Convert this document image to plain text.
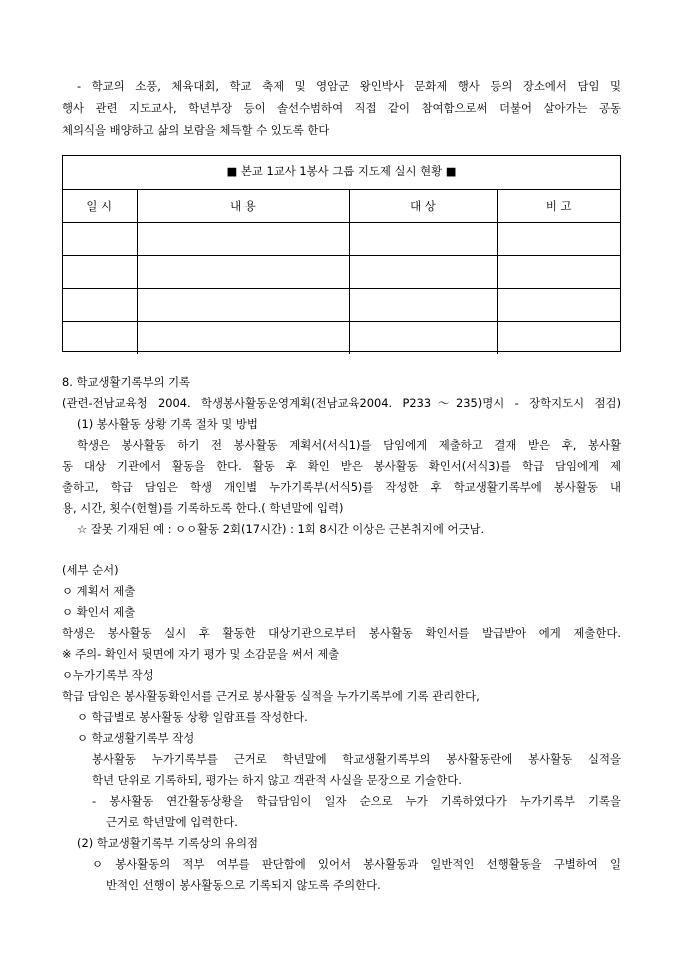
- 학교의 소풍, 체육대회, 학교 축제 및 영암군 왕인박사 문화제 행사 등의 장소에서 담임 및
행사 관련 지도교사, 학년부장 등이 솔선수범하여 직접 같이 참여함으로써 더불어 살아가는 공동
체의식을 배양하고 삶의 보람을 체득할 수 있도록 한다
■ 본교 1교사 1봉사 그룹 지도제 실시 현황 ■
일 시	내 용	대 상	비 고

8. 학교생활기록부의 기록
(관련-전남교육청 2004. 학생봉사활동운영계획(전남교육2004. P233～235)명시 - 장학지도시 점검)
(1) 봉사활동 상황 기록 절차 및 방법
학생은 봉사활동 하기 전 봉사활동 계획서(서식1)를 담임에게 제출하고 결재 받은 후, 봉사활
동 대상 기관에서 활동을 한다. 활동 후 확인 받은 봉사활동 확인서(서식3)를 학급 담임에게 제
출하고, 학급 담임은 학생 개인별 누가기록부(서식5)를 작성한 후 학교생활기록부에 봉사활동 내
용, 시간, 횟수(헌혈)를 기록하도록 한다.( 학년말에 입력)
☆ 잘못 기재된 예 : ㅇㅇ활동 2회(17시간) : 1회 8시간 이상은 근본취지에 어긋남.
(세부 순서)
ㅇ 계획서 제출
ㅇ 확인서 제출
학생은 봉사활동 실시 후 활동한 대상기관으로부터 봉사활동 확인서를 발급받아 에게 제출한다.
※ 주의- 확인서 뒷면에 자기 평가 및 소감문을 써서 제출
ㅇ누가기록부 작성
학급 담임은 봉사활동확인서를 근거로 봉사활동 실적을 누가기록부에 기록 관리한다,
ㅇ 학급별로 봉사활동 상황 일람표를 작성한다.
ㅇ 학교생활기록부 작성
봉사활동 누가기록부를 근거로 학년말에 학교생활기록부의 봉사활동란에 봉사활동 실적을
학년 단위로 기록하되, 평가는 하지 않고 객관적 사실을 문장으로 기술한다.
- 봉사활동 연간활동상황을 학급담임이 일자 순으로 누가 기록하였다가 누가기록부 기록을
근거로 학년말에 입력한다.
(2) 학교생활기록부 기록상의 유의점
ㅇ 봉사활동의 적부 여부를 판단함에 있어서 봉사활동과 일반적인 선행활동을 구별하여 일
반적인 선행이 봉사활동으로 기록되지 않도록 주의한다.
